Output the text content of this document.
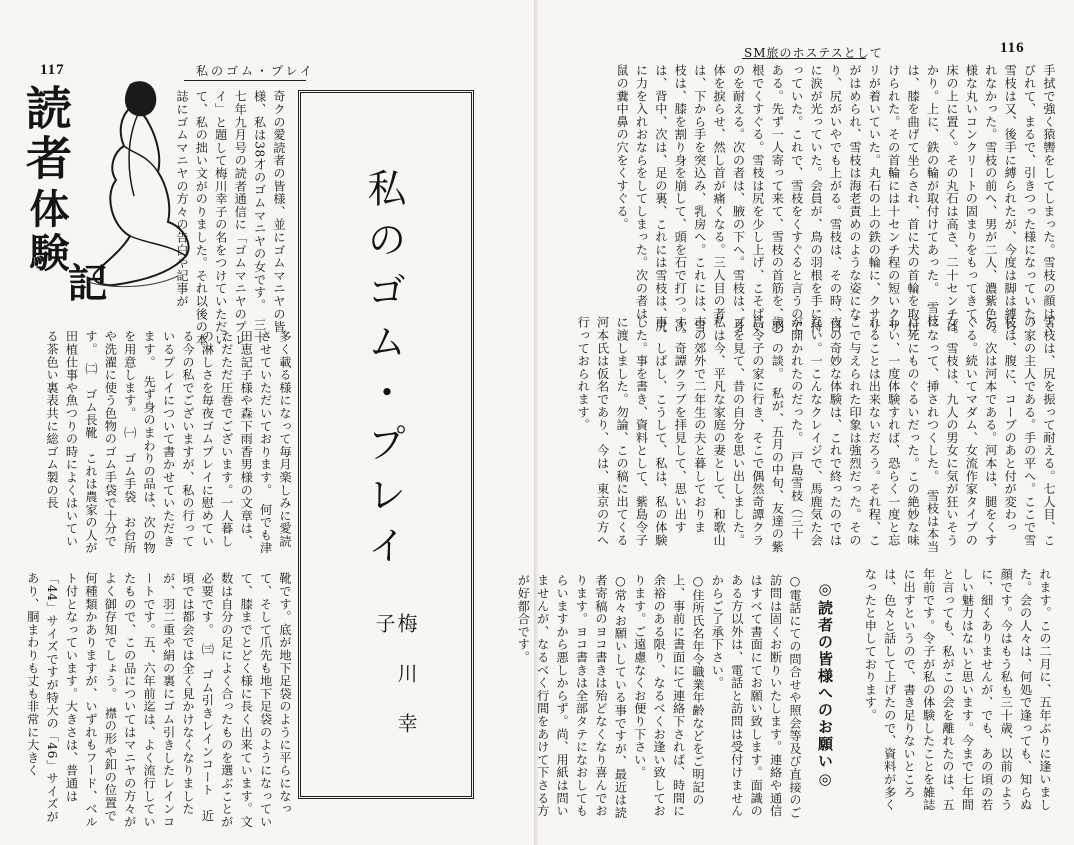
117	私のゴム・プレイ
読者
体験
記	奇クの愛読者の皆様、並にゴムマニヤの皆様、私は38才のゴムマニヤの女です。　三十七年九月号の読者通信に「ゴムマニヤのプレイ」と題して梅川幸子の名をつけていただいて、私の拙い文がのりました。それ以後の本誌にゴムマニヤの方々の告白や記事が

多く載る様になって毎月楽しみに愛読させていただいております。　何でも津田恵記子様や森下雨香男様の文章は、ただただ圧巻でございます。一人暮しの淋しさを毎夜ゴムプレイに慰めている今の私でございますが、私の行っているプレイについて書かせていただきます。　先ず身のまわりの品は、次の物を用意します。　㈠　ゴム手袋　お台所や洗濯に使う色物のゴム手袋で十分です。　㈡　ゴム長靴　これは農家の人が田植仕事や魚つりの時によくはいている茶色い裏表共に総ゴム製の長

靴です。底が地下足袋のように平らになって、そして爪先も地下足袋のようになっていて、膝までとどく様に長く出来ています。文数は自分の足によく合ったものを選ぶことが必要です。　㈢　ゴム引きレインコート　近頃では都会では全く見かけなくなりましたが、羽二重や絹の裏にゴム引きしたレインコートです。五、六年前迄は、よく流行していたもので、この品についてはマニヤの方々がよく御存知でしょう。　襟の形や釦の位置で何種類かありますが、いずれもフード、ベルト付となっています。大きさは、普通は「44」サイズですが特大の「46」サイズがあり、胴まわりも丈も非常に大きく

私のゴム・プレイ
梅川幸子
SM旅のホステスとして	116

手拭で強く猿轡をしてしまった。雪枝の顔はくびれて、まるで、引きつった様になっていた。雪枝は又、後手に縛られたが、今度は脚は縛られなかった。雪枝の前へ、男が二人、濃紫色の様な丸いコンクリートの固まりをもってきて、床の上に置く。その丸石は高さ、二十センチばかり。上に、鉄の輪が取付けてあった。　雪枝は、膝を曲げて坐らされ、首に犬の首輪を取付けられた。その首輪には十センチ程の短いクサリが着いていた。丸石の上の鉄の輪に、クサリがはめられ、雪枝は海老責めのような姿になり、尻がいやでも上がる。雪枝は、その時、目に涙が光っていた。会員が、鳥の羽根を手に持っていた。これで、雪枝をくすぐると言うのである。先ず一人寄って来て、雪枝の首筋を、羽根でくすぐる。雪枝は尻を少し上げ、こそばいのを耐える。次の者は、腋の下へ。雪枝は、身体を捩らせ、然し首が痛くなる。三人目の者は、下から手を突込み、乳房へ。これには、雪枝は、膝を割り身を崩して、頭を石で打つ。次は、背中、次は、足の裏、これには雪枝は、尻に力を入れおならをしてしまった。次の者は、鼠の糞中鼻の穴をくすぐる。

雪枝は、尻を振って耐える。七人目、この家の主人である。手の平へ。ここで雪枝は、腹に、コーブのあと付が変わった。次は河本である。河本は、腿をくすぐる。続いてマダム、女流作家タイプの女。雪枝は、九人の男女に気が狂いそうになって、挿されつくした。　雪枝は本当に死にものぐるいだった。この絶妙な味わい、一度体験すれば、恐らく一度と忘れることは出来ないだろう。それ程、ここで与えられた印象は強烈だった。その夜の奇妙な体験は、これで終ったのではない。一こんなクレイジで、馬鹿気た会が開かれたのだった。　戸島雪枝（三十歳）の談。　私が、五月の中旬、友達の紫島令子の家に行き、そこで偶然奇譚クラブを見て、昔の自分を思い出しました。私は今、平凡な家庭の妻として、和歌山市の郊外で二年生の夫と暮しております。奇譚クラブを拝見して、思い出す事、しばし、こうして、私は、私の体験した。事を書き、資料として、紫島令子に渡しました。勿論、この稿に出てくる河本氏は仮名であり、今は、東京の方へ行っておられます。

れます。この二月に、五年ぶりに逢いました。会の人々は、何処で逢っても、知らぬ顔です。今はもう私も三十歳、以前のように、細くありませんが、でも、あの頃の若しい魅力はないと思います。今まで七年間と言っても、私がこの会を離れたのは、五年前です。令子が私の体験したことを雑誌に出すというので、書き足りないところは、色々と話して上げたので、資料が多くなったと申しております。

◎読者の皆様へのお願い◎

○電話にての問合せや照会等及び直接のご訪問は固くお断りいたします。連絡や通信はすべて書面にてお願い致します。面識のある方以外は、電話と訪問は受付けませんからご了承下さい。

○住所氏名年令職業年齢などをご明記の上、事前に書面にて連絡下されば、時間に余裕のある限り、なるべくお逢い致しております。ご遠慮なくお便り下さい。

○常々お願いしている事ですが、最近は読者寄稿のヨコ書きは殆どなくなり喜んでおります。ヨコ書きは全部タテになおしてもらいますから悪しからず。尚、用紙は問いませんが、なるべく行間をあけて下さる方が好都合です。
